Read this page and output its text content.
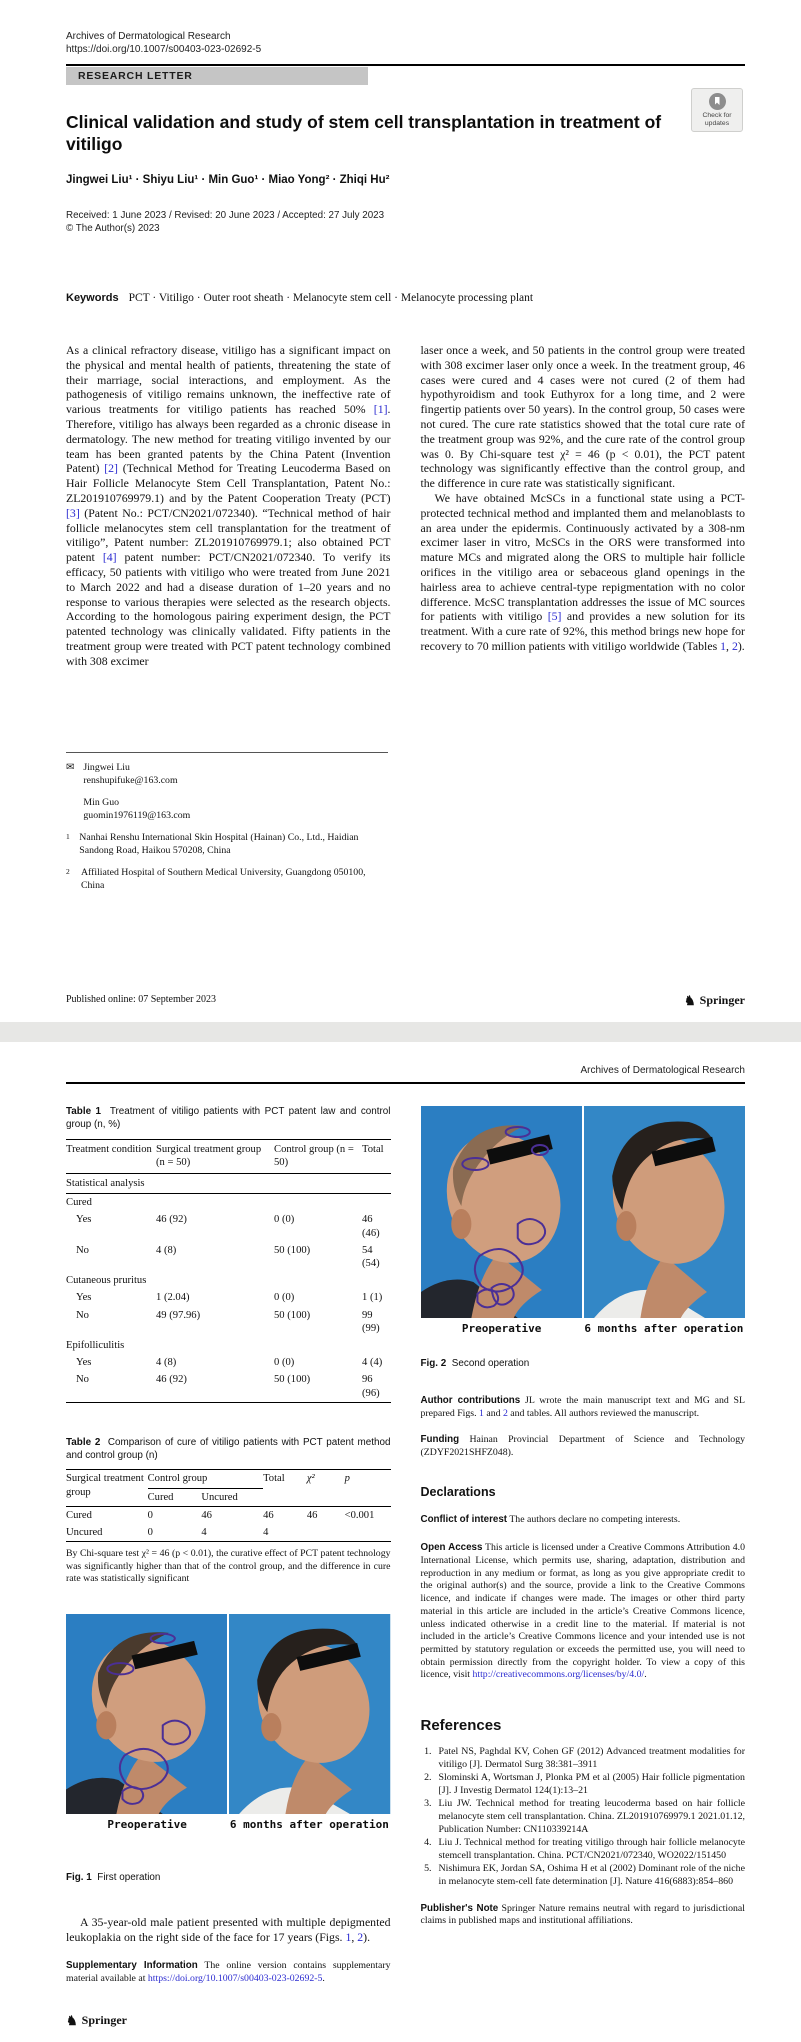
Archives of Dermatological Research
https://doi.org/10.1007/s00403-023-02692-5
RESEARCH LETTER
Check for
updates
Clinical validation and study of stem cell transplantation in treatment of vitiligo
Jingwei Liu¹ · Shiyu Liu¹ · Min Guo¹ · Miao Yong² · Zhiqi Hu²
Received: 1 June 2023 / Revised: 20 June 2023 / Accepted: 27 July 2023
© The Author(s) 2023
Keywords PCT · Vitiligo · Outer root sheath · Melanocyte stem cell · Melanocyte processing plant

As a clinical refractory disease, vitiligo has a significant impact on the physical and mental health of patients, threatening the state of their marriage, social interactions, and employment. As the pathogenesis of vitiligo remains unknown, the ineffective rate of various treatments for vitiligo patients has reached 50% [1]. Therefore, vitiligo has always been regarded as a chronic disease in dermatology. The new method for treating vitiligo invented by our team has been granted patents by the China Patent (Invention Patent) [2] (Technical Method for Treating Leucoderma Based on Hair Follicle Melanocyte Stem Cell Transplantation, Patent No.: ZL201910769979.1) and by the Patent Cooperation Treaty (PCT) [3] (Patent No.: PCT/CN2021/072340). “Technical method of hair follicle melanocytes stem cell transplantation for the treatment of vitiligo”, Patent number: ZL201910769979.1; also obtained PCT patent [4] patent number: PCT/CN2021/072340. To verify its efficacy, 50 patients with vitiligo who were treated from June 2021 to March 2022 and had a disease duration of 1–20 years and no response to various therapies were selected as the research objects. According to the homologous pairing experiment design, the PCT patented technology was clinically validated. Fifty patients in the treatment group were treated with PCT patent technology combined with 308 excimer

laser once a week, and 50 patients in the control group were treated with 308 excimer laser only once a week. In the treatment group, 46 cases were cured and 4 cases were not cured (2 of them had hypothyroidism and took Euthyrox for a long time, and 2 were fingertip patients over 50 years). In the control group, 50 cases were not cured. The cure rate statistics showed that the total cure rate of the treatment group was 92%, and the cure rate of the control group was 0. By Chi-square test χ² = 46 (p < 0.01), the PCT patent technology was significantly effective than the control group, and the difference in cure rate was statistically significant.

We have obtained McSCs in a functional state using a PCT-protected technical method and implanted them and melanoblasts to an area under the epidermis. Continuously activated by a 308-nm excimer laser in vitro, McSCs in the ORS were transformed into mature MCs and migrated along the ORS to multiple hair follicle orifices in the vitiligo area or sebaceous gland openings in the hairless area to achieve central-type repigmentation with no color difference. McSC transplantation addresses the issue of MC sources for patients with vitiligo [5] and provides a new solution for its treatment. With a cure rate of 92%, this method brings new hope for recovery to 70 million patients with vitiligo worldwide (Tables 1, 2).

✉ Jingwei Liu
renshupifuke@163.com
Min Guo
guomin1976119@163.com
1 Nanhai Renshu International Skin Hospital (Hainan) Co., Ltd., Haidian Sandong Road, Haikou 570208, China
2 Affiliated Hospital of Southern Medical University, Guangdong 050100, China
Published online: 07 September 2023	♞ Springer
Archives of Dermatological Research
Table 1 Treatment of vitiligo patients with PCT patent law and control group (n, %)
Statistical analysis			
Treatment condition	Surgical treatment group (n = 50)	Control group (n = 50)	Total
Cured			
Yes	46 (92)	0 (0)	46 (46)
No	4 (8)	50 (100)	54 (54)
Cutaneous pruritus			
Yes	1 (2.04)	0 (0)	1 (1)
No	49 (97.96)	50 (100)	99 (99)
Epifolliculitis			
Yes	4 (8)	0 (0)	4 (4)
No	46 (92)	50 (100)	96 (96)
Table 2 Comparison of cure of vitiligo patients with PCT patent method and control group (n)
Surgical treatment group	Control group		Total	χ²	p
	Cured	Uncured			
Cured	0	46	46	46	<0.001
Uncured	0	4	4		
By Chi-square test χ² = 46 (p < 0.01), the curative effect of PCT patent technology was significantly higher than that of the control group, and the difference in cure rate was statistically significant
Preoperative	6 months after operation
Fig. 1 First operation

A 35-year-old male patient presented with multiple depigmented leukoplakia on the right side of the face for 17 years (Figs. 1, 2).

Supplementary Information The online version contains supplementary material available at https://doi.org/10.1007/s00403-023-02692-5.
Preoperative	6 months after operation
Fig. 2 Second operation
Author contributions JL wrote the main manuscript text and MG and SL prepared Figs. 1 and 2 and tables. All authors reviewed the manuscript.
Funding Hainan Provincial Department of Science and Technology (ZDYF2021SHFZ048).
Declarations
Conflict of interest The authors declare no competing interests.
Open Access This article is licensed under a Creative Commons Attribution 4.0 International License, which permits use, sharing, adaptation, distribution and reproduction in any medium or format, as long as you give appropriate credit to the original author(s) and the source, provide a link to the Creative Commons licence, and indicate if changes were made. The images or other third party material in this article are included in the article’s Creative Commons licence, unless indicated otherwise in a credit line to the material. If material is not included in the article’s Creative Commons licence and your intended use is not permitted by statutory regulation or exceeds the permitted use, you will need to obtain permission directly from the copyright holder. To view a copy of this licence, visit http://creativecommons.org/licenses/by/4.0/.
References
1. Patel NS, Paghdal KV, Cohen GF (2012) Advanced treatment modalities for vitiligo [J]. Dermatol Surg 38:381–3911
2. Slominski A, Wortsman J, Plonka PM et al (2005) Hair follicle pigmentation [J]. J Investig Dermatol 124(1):13–21
3. Liu JW. Technical method for treating leucoderma based on hair follicle melanocyte stem cell transplantation. China. ZL201910769979.1 2021.01.12, Publication Number: CN110339214A
4. Liu J. Technical method for treating vitiligo through hair follicle melanocyte stemcell transplantation. China. PCT/CN2021/072340, WO2022/151450
5. Nishimura EK, Jordan SA, Oshima H et al (2002) Dominant role of the niche in melanocyte stem-cell fate determination [J]. Nature 416(6883):854–860
Publisher's Note Springer Nature remains neutral with regard to jurisdictional claims in published maps and institutional affiliations.
♞ Springer
